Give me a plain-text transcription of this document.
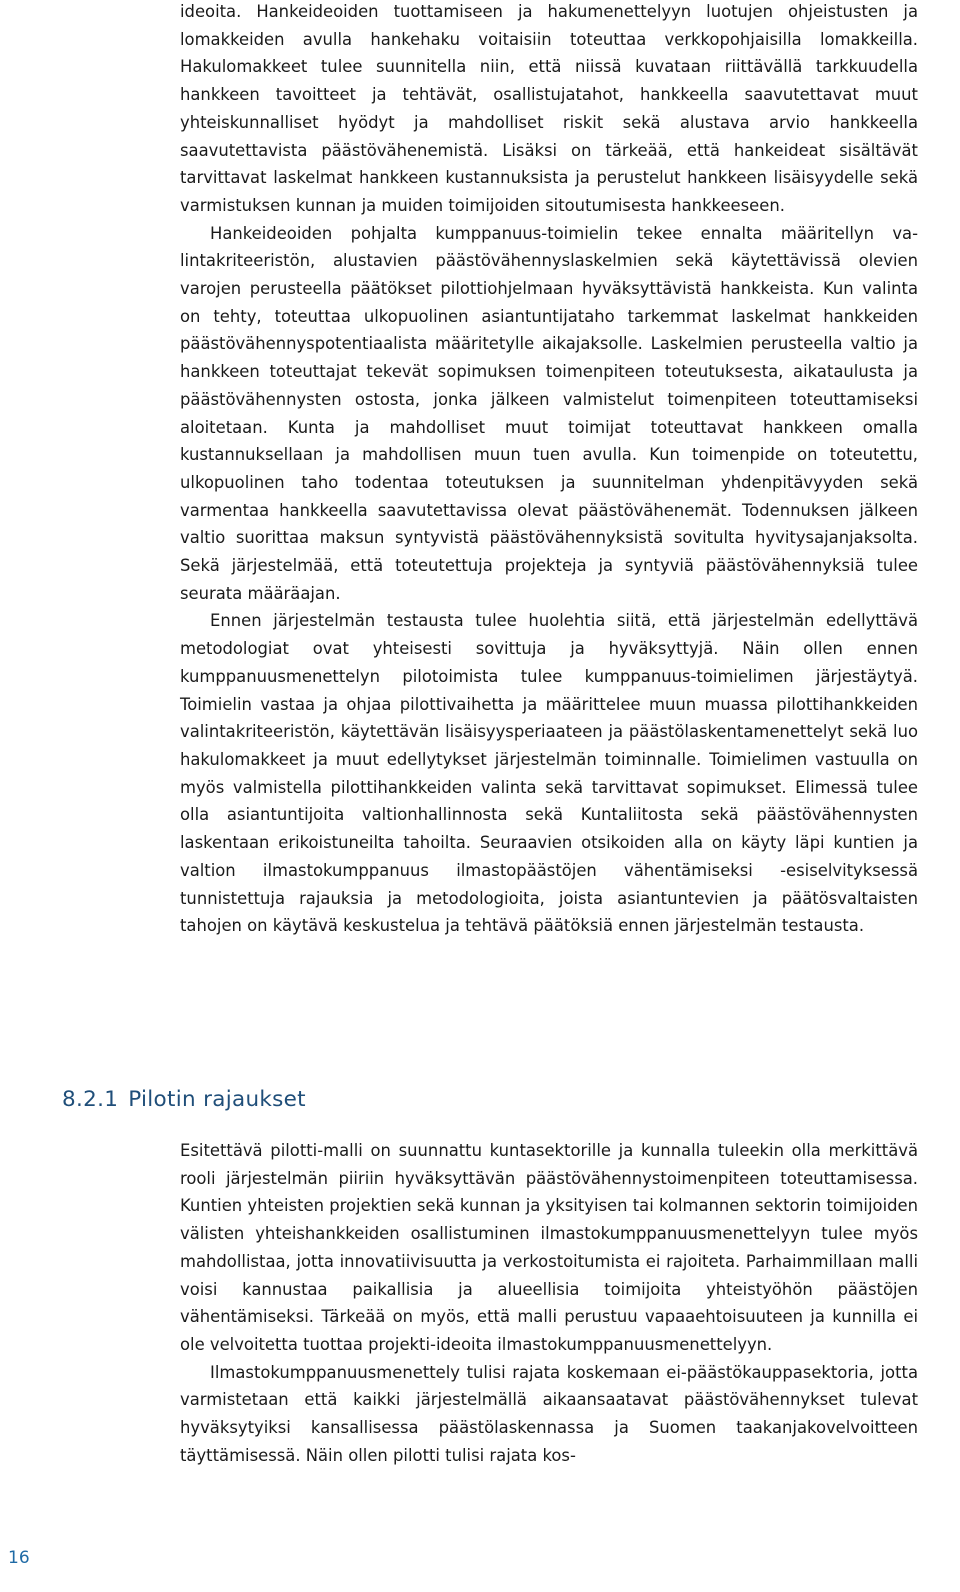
ideoita. Hankeideoiden tuottamiseen ja hakumenettelyyn luotujen ohjeistusten ja lomakkeiden avulla hankehaku voitaisiin toteuttaa verkkopohjaisilla lomakkeilla. Hakulomakkeet tulee suunnitella niin, että niissä kuvataan riittävällä tarkkuudella hankkeen tavoitteet ja tehtävät, osallistujatahot, hankkeella saavutettavat muut yhteiskunnalliset hyödyt ja mahdolliset riskit sekä alustava arvio hankkeella saavutettavista päästövähenemistä. Lisäksi on tärkeää, että hankeideat sisältävät tarvittavat laskelmat hankkeen kustannuksista ja perustelut hankkeen lisäisyydelle sekä varmistuksen kunnan ja muiden toimijoiden sitoutumisesta hankkeeseen.

Hankeideoiden pohjalta kumppanuus-toimielin tekee ennalta määritellyn valintakriteeristön, alustavien päästövähennyslaskelmien sekä käytettävissä olevien varojen perusteella päätökset pilottiohjelmaan hyväksyttävistä hankkeista. Kun valinta on tehty, toteuttaa ulkopuolinen asiantuntijataho tarkemmat laskelmat hankkeiden päästövähennyspotentiaalista määritetylle aikajaksolle. Laskelmien perusteella valtio ja hankkeen toteuttajat tekevät sopimuksen toimenpiteen toteutuksesta, aikataulusta ja päästövähennysten ostosta, jonka jälkeen valmistelut toimenpiteen toteuttamiseksi aloitetaan. Kunta ja mahdolliset muut toimijat toteuttavat hankkeen omalla kustannuksellaan ja mahdollisen muun tuen avulla. Kun toimenpide on toteutettu, ulkopuolinen taho todentaa toteutuksen ja suunnitelman yhdenpitävyyden sekä varmentaa hankkeella saavutettavissa olevat päästövähenemät. Todennuksen jälkeen valtio suorittaa maksun syntyvistä päästövähennyksistä sovitulta hyvitysajanjaksolta. Sekä järjestelmää, että toteutettuja projekteja ja syntyviä päästövähennyksiä tulee seurata määräajan.

Ennen järjestelmän testausta tulee huolehtia siitä, että järjestelmän edellyttävä metodologiat ovat yhteisesti sovittuja ja hyväksyttyjä. Näin ollen ennen kumppanuusmenettelyn pilotoimista tulee kumppanuus-toimielimen järjestäytyä. Toimielin vastaa ja ohjaa pilottivaihetta ja määrittelee muun muassa pilottihankkeiden valintakriteeristön, käytettävän lisäisyysperiaateen ja päästölaskentamenettelyt sekä luo hakulomakkeet ja muut edellytykset järjestelmän toiminnalle. Toimielimen vastuulla on myös valmistella pilottihankkeiden valinta sekä tarvittavat sopimukset. Elimessä tulee olla asiantuntijoita valtionhallinnosta sekä Kuntaliitosta sekä päästövähennysten laskentaan erikoistuneilta tahoilta. Seuraavien otsikoiden alla on käyty läpi kuntien ja valtion ilmastokumppanuus ilmastopäästöjen vähentämiseksi -esiselvityksessä tunnistettuja rajauksia ja metodologioita, joista asiantuntevien ja päätösvaltaisten tahojen on käytävä keskustelua ja tehtävä päätöksiä ennen järjestelmän testausta.

8.2.1 Pilotin rajaukset

Esitettävä pilotti-malli on suunnattu kuntasektorille ja kunnalla tuleekin olla merkittävä rooli järjestelmän piiriin hyväksyttävän päästövähennystoimenpiteen toteuttamisessa. Kuntien yhteisten projektien sekä kunnan ja yksityisen tai kolmannen sektorin toimijoiden välisten yhteishankkeiden osallistuminen ilmastokumppanuusmenettelyyn tulee myös mahdollistaa, jotta innovatiivisuutta ja verkostoitumista ei rajoiteta. Parhaimmillaan malli voisi kannustaa paikallisia ja alueellisia toimijoita yhteistyöhön päästöjen vähentämiseksi. Tärkeää on myös, että malli perustuu vapaaehtoisuuteen ja kunnilla ei ole velvoitetta tuottaa projekti-ideoita ilmastokumppanuusmenettelyyn.

Ilmastokumppanuusmenettely tulisi rajata koskemaan ei-päästökauppasektoria, jotta varmistetaan että kaikki järjestelmällä aikaansaatavat päästövähennykset tulevat hyväksytyiksi kansallisessa päästölaskennassa ja Suomen taakanjakovelvoitteen täyttämisessä. Näin ollen pilotti tulisi rajata kos-

16
